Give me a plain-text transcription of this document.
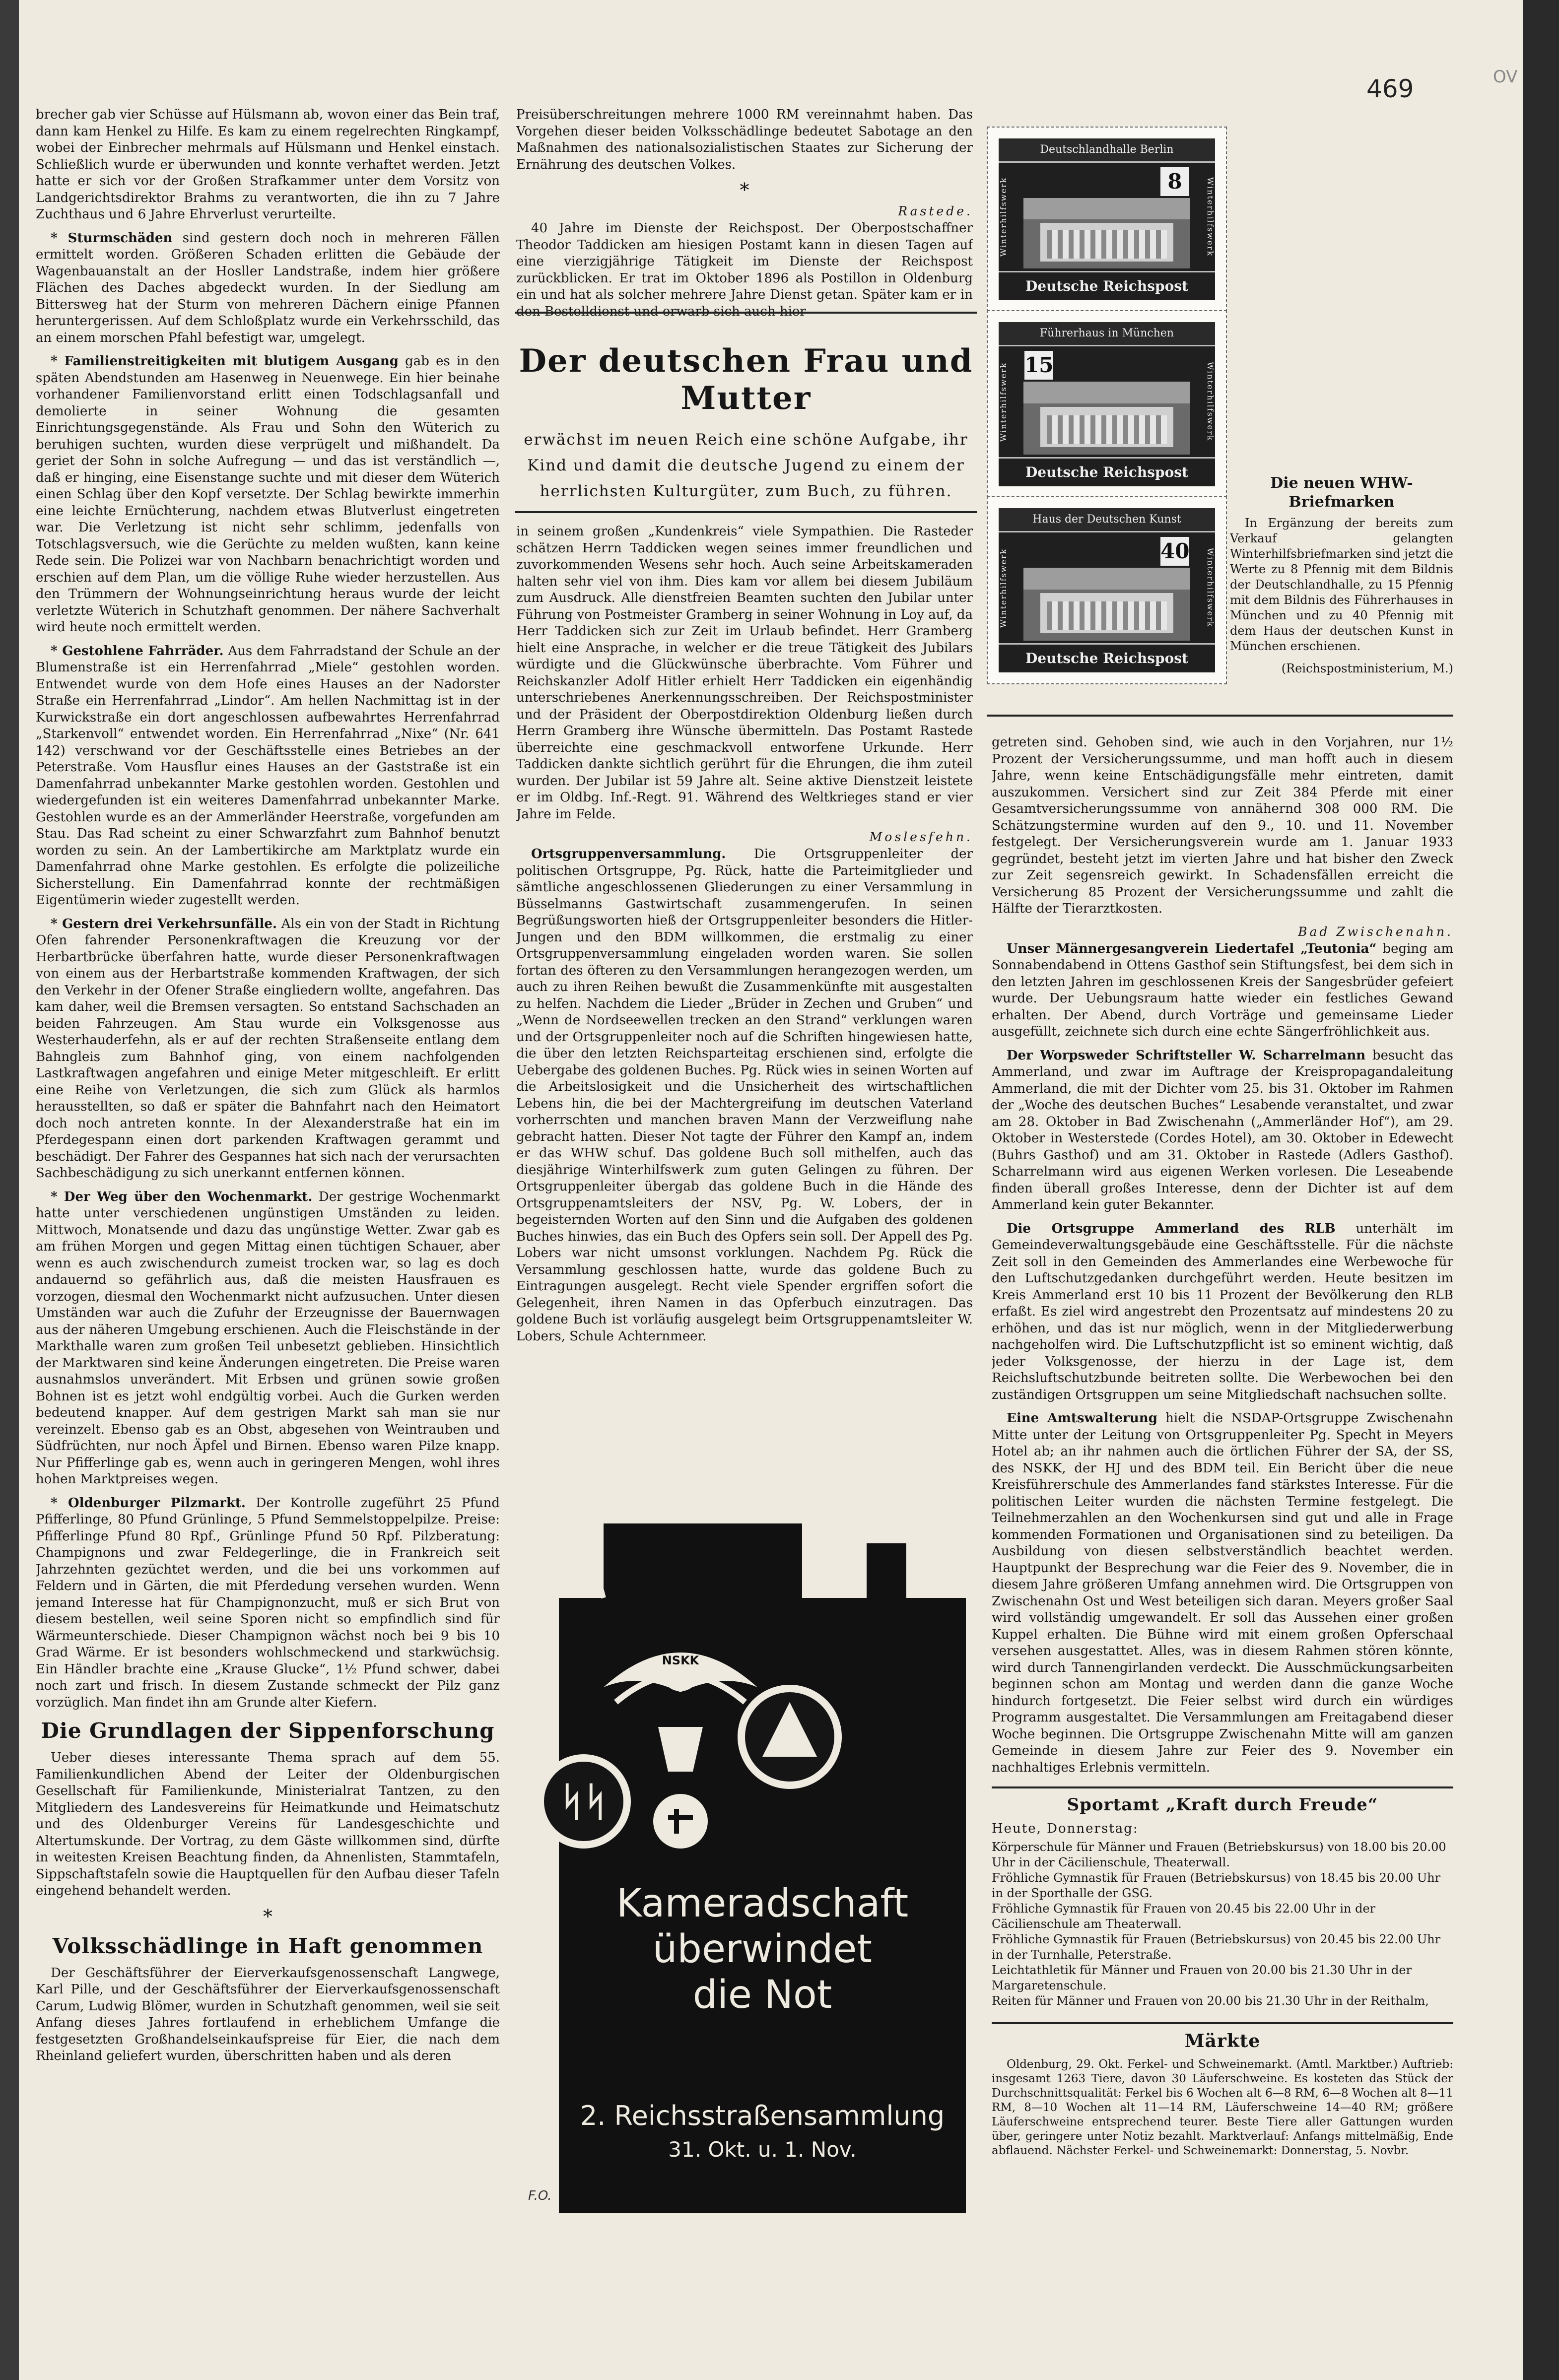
469	OV

brecher gab vier Schüsse auf Hülsmann ab, wovon einer das Bein traf, dann kam Henkel zu Hilfe. Es kam zu einem regelrechten Ringkampf, wobei der Einbrecher mehrmals auf Hülsmann und Henkel einstach. Schließlich wurde er überwunden und konnte verhaftet werden. Jetzt hatte er sich vor der Großen Strafkammer unter dem Vorsitz von Landgerichtsdirektor Brahms zu verantworten, die ihn zu 7 Jahre Zuchthaus und 6 Jahre Ehrverlust verurteilte.

* Sturmschäden sind gestern doch noch in mehreren Fällen ermittelt worden. Größeren Schaden erlitten die Gebäude der Wagenbauanstalt an der Hosller Landstraße, indem hier größere Flächen des Daches abgedeckt wurden. In der Siedlung am Bittersweg hat der Sturm von mehreren Dächern einige Pfannen heruntergerissen. Auf dem Schloßplatz wurde ein Verkehrsschild, das an einem morschen Pfahl befestigt war, umgelegt.

* Familienstreitigkeiten mit blutigem Ausgang gab es in den späten Abendstunden am Hasenweg in Neuenwege. Ein hier beinahe vorhandener Familienvorstand erlitt einen Todschlagsanfall und demolierte in seiner Wohnung die gesamten Einrichtungsgegenstände. Als Frau und Sohn den Wüterich zu beruhigen suchten, wurden diese verprügelt und mißhandelt. Da geriet der Sohn in solche Aufregung — und das ist verständlich —, daß er hinging, eine Eisenstange suchte und mit dieser dem Wüterich einen Schlag über den Kopf versetzte. Der Schlag bewirkte immerhin eine leichte Ernüchterung, nachdem etwas Blutverlust eingetreten war. Die Verletzung ist nicht sehr schlimm, jedenfalls von Totschlagsversuch, wie die Gerüchte zu melden wußten, kann keine Rede sein. Die Polizei war von Nachbarn benachrichtigt worden und erschien auf dem Plan, um die völlige Ruhe wieder herzustellen. Aus den Trümmern der Wohnungseinrichtung heraus wurde der leicht verletzte Wüterich in Schutzhaft genommen. Der nähere Sachverhalt wird heute noch ermittelt werden.

* Gestohlene Fahrräder. Aus dem Fahrradstand der Schule an der Blumenstraße ist ein Herrenfahrrad „Miele“ gestohlen worden. Entwendet wurde von dem Hofe eines Hauses an der Nadorster Straße ein Herrenfahrrad „Lindor“. Am hellen Nachmittag ist in der Kurwickstraße ein dort angeschlossen aufbewahrtes Herrenfahrrad „Starkenvoll“ entwendet worden. Ein Herrenfahrrad „Nixe“ (Nr. 641 142) verschwand vor der Geschäftsstelle eines Betriebes an der Peterstraße. Vom Hausflur eines Hauses an der Gaststraße ist ein Damenfahrrad unbekannter Marke gestohlen worden. Gestohlen und wiedergefunden ist ein weiteres Damenfahrrad unbekannter Marke. Gestohlen wurde es an der Ammerländer Heerstraße, vorgefunden am Stau. Das Rad scheint zu einer Schwarzfahrt zum Bahnhof benutzt worden zu sein. An der Lambertikirche am Marktplatz wurde ein Damenfahrrad ohne Marke gestohlen. Es erfolgte die polizeiliche Sicherstellung. Ein Damenfahrrad konnte der rechtmäßigen Eigentümerin wieder zugestellt werden.

* Gestern drei Verkehrsunfälle. Als ein von der Stadt in Richtung Ofen fahrender Personenkraftwagen die Kreuzung vor der Herbartbrücke überfahren hatte, wurde dieser Personenkraftwagen von einem aus der Herbartstraße kommenden Kraftwagen, der sich den Verkehr in der Ofener Straße eingliedern wollte, angefahren. Das kam daher, weil die Bremsen versagten. So entstand Sachschaden an beiden Fahrzeugen. Am Stau wurde ein Volksgenosse aus Westerhauderfehn, als er auf der rechten Straßenseite entlang dem Bahngleis zum Bahnhof ging, von einem nachfolgenden Lastkraftwagen angefahren und einige Meter mitgeschleift. Er erlitt eine Reihe von Verletzungen, die sich zum Glück als harmlos herausstellten, so daß er später die Bahnfahrt nach den Heimatort doch noch antreten konnte. In der Alexanderstraße hat ein im Pferdegespann einen dort parkenden Kraftwagen gerammt und beschädigt. Der Fahrer des Gespannes hat sich nach der verursachten Sachbeschädigung zu sich unerkannt entfernen können.

* Der Weg über den Wochenmarkt. Der gestrige Wochenmarkt hatte unter verschiedenen ungünstigen Umständen zu leiden. Mittwoch, Monatsende und dazu das ungünstige Wetter. Zwar gab es am frühen Morgen und gegen Mittag einen tüchtigen Schauer, aber wenn es auch zwischendurch zumeist trocken war, so lag es doch andauernd so gefährlich aus, daß die meisten Hausfrauen es vorzogen, diesmal den Wochenmarkt nicht aufzusuchen. Unter diesen Umständen war auch die Zufuhr der Erzeugnisse der Bauernwagen aus der näheren Umgebung erschienen. Auch die Fleischstände in der Markthalle waren zum großen Teil unbesetzt geblieben. Hinsichtlich der Marktwaren sind keine Änderungen eingetreten. Die Preise waren ausnahmslos unverändert. Mit Erbsen und grünen sowie großen Bohnen ist es jetzt wohl endgültig vorbei. Auch die Gurken werden bedeutend knapper. Auf dem gestrigen Markt sah man sie nur vereinzelt. Ebenso gab es an Obst, abgesehen von Weintrauben und Südfrüchten, nur noch Äpfel und Birnen. Ebenso waren Pilze knapp. Nur Pfifferlinge gab es, wenn auch in geringeren Mengen, wohl ihres hohen Marktpreises wegen.

* Oldenburger Pilzmarkt. Der Kontrolle zugeführt 25 Pfund Pfifferlinge, 80 Pfund Grünlinge, 5 Pfund Semmelstoppelpilze. Preise: Pfifferlinge Pfund 80 Rpf., Grünlinge Pfund 50 Rpf. Pilzberatung: Champignons und zwar Feldegerlinge, die in Frankreich seit Jahrzehnten gezüchtet werden, und die bei uns vorkommen auf Feldern und in Gärten, die mit Pferdedung versehen wurden. Wenn jemand Interesse hat für Champignonzucht, muß er sich Brut von diesem bestellen, weil seine Sporen nicht so empfindlich sind für Wärmeunterschiede. Dieser Champignon wächst noch bei 9 bis 10 Grad Wärme. Er ist besonders wohlschmeckend und starkwüchsig. Ein Händler brachte eine „Krause Glucke“, 1½ Pfund schwer, dabei noch zart und frisch. In diesem Zustande schmeckt der Pilz ganz vorzüglich. Man findet ihn am Grunde alter Kiefern.

Die Grundlagen der Sippenforschung

Ueber dieses interessante Thema sprach auf dem 55. Familienkundlichen Abend der Leiter der Oldenburgischen Gesellschaft für Familienkunde, Ministerialrat Tantzen, zu den Mitgliedern des Landesvereins für Heimatkunde und Heimatschutz und des Oldenburger Vereins für Landesgeschichte und Altertumskunde. Der Vortrag, zu dem Gäste willkommen sind, dürfte in weitesten Kreisen Beachtung finden, da Ahnenlisten, Stammtafeln, Sippschaftstafeln sowie die Hauptquellen für den Aufbau dieser Tafeln eingehend behandelt werden.

*
Volksschädlinge in Haft genommen

Der Geschäftsführer der Eierverkaufsgenossenschaft Langwege, Karl Pille, und der Geschäftsführer der Eierverkaufsgenossenschaft Carum, Ludwig Blömer, wurden in Schutzhaft genommen, weil sie seit Anfang dieses Jahres fortlaufend in erheblichem Umfange die festgesetzten Großhandelseinkaufspreise für Eier, die nach dem Rheinland geliefert wurden, überschritten haben und als deren

Preisüberschreitungen mehrere 1000 RM vereinnahmt haben. Das Vorgehen dieser beiden Volksschädlinge bedeutet Sabotage an den Maßnahmen des nationalsozialistischen Staates zur Sicherung der Ernährung des deutschen Volkes.

*
Rastede.

40 Jahre im Dienste der Reichspost. Der Oberpostschaffner Theodor Taddicken am hiesigen Postamt kann in diesen Tagen auf eine vierzigjährige Tätigkeit im Dienste der Reichspost zurückblicken. Er trat im Oktober 1896 als Postillon in Oldenburg ein und hat als solcher mehrere Jahre Dienst getan. Später kam er in den Bestelldienst und erwarb sich auch hier

Der deutschen Frau und Mutter

erwächst im neuen Reich eine schöne Aufgabe, ihr

Kind und damit die deutsche Jugend zu einem der

herrlichsten Kulturgüter, zum Buch, zu führen.

in seinem großen „Kundenkreis“ viele Sympathien. Die Rasteder schätzen Herrn Taddicken wegen seines immer freundlichen und zuvorkommenden Wesens sehr hoch. Auch seine Arbeitskameraden halten sehr viel von ihm. Dies kam vor allem bei diesem Jubiläum zum Ausdruck. Alle dienstfreien Beamten suchten den Jubilar unter Führung von Postmeister Gramberg in seiner Wohnung in Loy auf, da Herr Taddicken sich zur Zeit im Urlaub befindet. Herr Gramberg hielt eine Ansprache, in welcher er die treue Tätigkeit des Jubilars würdigte und die Glückwünsche überbrachte. Vom Führer und Reichskanzler Adolf Hitler erhielt Herr Taddicken ein eigenhändig unterschriebenes Anerkennungsschreiben. Der Reichspostminister und der Präsident der Oberpostdirektion Oldenburg ließen durch Herrn Gramberg ihre Wünsche übermitteln. Das Postamt Rastede überreichte eine geschmackvoll entworfene Urkunde. Herr Taddicken dankte sichtlich gerührt für die Ehrungen, die ihm zuteil wurden. Der Jubilar ist 59 Jahre alt. Seine aktive Dienstzeit leistete er im Oldbg. Inf.-Regt. 91. Während des Weltkrieges stand er vier Jahre im Felde.

Moslesfehn.

Ortsgruppenversammlung. Die Ortsgruppenleiter der politischen Ortsgruppe, Pg. Rück, hatte die Parteimitglieder und sämtliche angeschlossenen Gliederungen zu einer Versammlung in Büsselmanns Gastwirtschaft zusammengerufen. In seinen Begrüßungsworten hieß der Ortsgruppenleiter besonders die Hitler-Jungen und den BDM willkommen, die erstmalig zu einer Ortsgruppenversammlung eingeladen worden waren. Sie sollen fortan des öfteren zu den Versammlungen herangezogen werden, um auch zu ihren Reihen bewußt die Zusammenkünfte mit ausgestalten zu helfen. Nachdem die Lieder „Brüder in Zechen und Gruben“ und „Wenn de Nordseewellen trecken an den Strand“ verklungen waren und der Ortsgruppenleiter noch auf die Schriften hingewiesen hatte, die über den letzten Reichsparteitag erschienen sind, erfolgte die Uebergabe des goldenen Buches. Pg. Rück wies in seinen Worten auf die Arbeitslosigkeit und die Unsicherheit des wirtschaftlichen Lebens hin, die bei der Machtergreifung im deutschen Vaterland vorherrschten und manchen braven Mann der Verzweiflung nahe gebracht hatten. Dieser Not tagte der Führer den Kampf an, indem er das WHW schuf. Das goldene Buch soll mithelfen, auch das diesjährige Winterhilfswerk zum guten Gelingen zu führen. Der Ortsgruppenleiter übergab das goldene Buch in die Hände des Ortsgruppenamtsleiters der NSV, Pg. W. Lobers, der in begeisternden Worten auf den Sinn und die Aufgaben des goldenen Buches hinwies, das ein Buch des Opfers sein soll. Der Appell des Pg. Lobers war nicht umsonst vorklungen. Nachdem Pg. Rück die Versammlung geschlossen hatte, wurde das goldene Buch zu Eintragungen ausgelegt. Recht viele Spender ergriffen sofort die Gelegenheit, ihren Namen in das Opferbuch einzutragen. Das goldene Buch ist vorläufig ausgelegt beim Ortsgruppenamtsleiter W. Lobers, Schule Achternmeer.

ᛋᛋ
NSKK
Kameradschaft
überwindet
die Not
2. Reichsstraßensammlung
31. Okt. u. 1. Nov.
F.O.
Deutschlandhalle Berlin
Winterhilfswerk	Winterhilfswerk
8
Deutsche Reichspost
Führerhaus in München
Winterhilfswerk	Winterhilfswerk
15
Deutsche Reichspost
Haus der Deutschen Kunst
Winterhilfswerk	Winterhilfswerk
40
Deutsche Reichspost
Die neuen WHW-Briefmarken

In Ergänzung der bereits zum Verkauf gelangten Winterhilfsbriefmarken sind jetzt die Werte zu 8 Pfennig mit dem Bildnis der Deutschlandhalle, zu 15 Pfennig mit dem Bildnis des Führerhauses in München und zu 40 Pfennig mit dem Haus der deutschen Kunst in München erschienen.

(Reichspostministerium, M.)

getreten sind. Gehoben sind, wie auch in den Vorjahren, nur 1½ Prozent der Versicherungssumme, und man hofft auch in diesem Jahre, wenn keine Entschädigungsfälle mehr eintreten, damit auszukommen. Versichert sind zur Zeit 384 Pferde mit einer Gesamtversicherungssumme von annähernd 308 000 RM. Die Schätzungstermine wurden auf den 9., 10. und 11. November festgelegt. Der Versicherungsverein wurde am 1. Januar 1933 gegründet, besteht jetzt im vierten Jahre und hat bisher den Zweck zur Zeit segensreich gewirkt. In Schadensfällen erreicht die Versicherung 85 Prozent der Versicherungssumme und zahlt die Hälfte der Tierarztkosten.

Bad Zwischenahn.

Unser Männergesangverein Liedertafel „Teutonia“ beging am Sonnabendabend in Ottens Gasthof sein Stiftungsfest, bei dem sich in den letzten Jahren im geschlossenen Kreis der Sangesbrüder gefeiert wurde. Der Uebungsraum hatte wieder ein festliches Gewand erhalten. Der Abend, durch Vorträge und gemeinsame Lieder ausgefüllt, zeichnete sich durch eine echte Sängerfröhlichkeit aus.

Der Worpsweder Schriftsteller W. Scharrelmann besucht das Ammerland, und zwar im Auftrage der Kreispropagandaleitung Ammerland, die mit der Dichter vom 25. bis 31. Oktober im Rahmen der „Woche des deutschen Buches“ Lesabende veranstaltet, und zwar am 28. Oktober in Bad Zwischenahn („Ammerländer Hof“), am 29. Oktober in Westerstede (Cordes Hotel), am 30. Oktober in Edewecht (Buhrs Gasthof) und am 31. Oktober in Rastede (Adlers Gasthof). Scharrelmann wird aus eigenen Werken vorlesen. Die Leseabende finden überall großes Interesse, denn der Dichter ist auf dem Ammerland kein guter Bekannter.

Die Ortsgruppe Ammerland des RLB unterhält im Gemeindeverwaltungsgebäude eine Geschäftsstelle. Für die nächste Zeit soll in den Gemeinden des Ammerlandes eine Werbewoche für den Luftschutzgedanken durchgeführt werden. Heute besitzen im Kreis Ammerland erst 10 bis 11 Prozent der Bevölkerung den RLB erfaßt. Es ziel wird angestrebt den Prozentsatz auf mindestens 20 zu erhöhen, und das ist nur möglich, wenn in der Mitgliederwerbung nachgeholfen wird. Die Luftschutzpflicht ist so eminent wichtig, daß jeder Volksgenosse, der hierzu in der Lage ist, dem Reichsluftschutzbunde beitreten sollte. Die Werbewochen bei den zuständigen Ortsgruppen um seine Mitgliedschaft nachsuchen sollte.

Eine Amtswalterung hielt die NSDAP-Ortsgruppe Zwischenahn Mitte unter der Leitung von Ortsgruppenleiter Pg. Specht in Meyers Hotel ab; an ihr nahmen auch die örtlichen Führer der SA, der SS, des NSKK, der HJ und des BDM teil. Ein Bericht über die neue Kreisführerschule des Ammerlandes fand stärkstes Interesse. Für die politischen Leiter wurden die nächsten Termine festgelegt. Die Teilnehmerzahlen an den Wochenkursen sind gut und alle in Frage kommenden Formationen und Organisationen sind zu beteiligen. Da Ausbildung von diesen selbstverständlich beachtet werden. Hauptpunkt der Besprechung war die Feier des 9. November, die in diesem Jahre größeren Umfang annehmen wird. Die Ortsgruppen von Zwischenahn Ost und West beteiligen sich daran. Meyers großer Saal wird vollständig umgewandelt. Er soll das Aussehen einer großen Kuppel erhalten. Die Bühne wird mit einem großen Opferschaal versehen ausgestattet. Alles, was in diesem Rahmen stören könnte, wird durch Tannengirlanden verdeckt. Die Ausschmückungsarbeiten beginnen schon am Montag und werden dann die ganze Woche hindurch fortgesetzt. Die Feier selbst wird durch ein würdiges Programm ausgestaltet. Die Versammlungen am Freitagabend dieser Woche beginnen. Die Ortsgruppe Zwischenahn Mitte will am ganzen Gemeinde in diesem Jahre zur Feier des 9. November ein nachhaltiges Erlebnis vermitteln.

Sportamt „Kraft durch Freude“

Heute, Donnerstag:

Körperschule für Männer und Frauen (Betriebskursus) von 18.00 bis 20.00 Uhr in der Cäcilienschule, Theaterwall.
Fröhliche Gymnastik für Frauen (Betriebskursus) von 18.45 bis 20.00 Uhr in der Sporthalle der GSG.
Fröhliche Gymnastik für Frauen von 20.45 bis 22.00 Uhr in der Cäcilienschule am Theaterwall.
Fröhliche Gymnastik für Frauen (Betriebskursus) von 20.45 bis 22.00 Uhr in der Turnhalle, Peterstraße.
Leichtathletik für Männer und Frauen von 20.00 bis 21.30 Uhr in der Margaretenschule.
Reiten für Männer und Frauen von 20.00 bis 21.30 Uhr in der Reithalm,
Märkte

Oldenburg, 29. Okt. Ferkel- und Schweinemarkt. (Amtl. Marktber.) Auftrieb: insgesamt 1263 Tiere, davon 30 Läuferschweine. Es kosteten das Stück der Durchschnittsqualität: Ferkel bis 6 Wochen alt 6—8 RM, 6—8 Wochen alt 8—11 RM, 8—10 Wochen alt 11—14 RM, Läuferschweine 14—40 RM; größere Läuferschweine entsprechend teurer. Beste Tiere aller Gattungen wurden über, geringere unter Notiz bezahlt. Marktverlauf: Anfangs mittelmäßig, Ende abflauend. Nächster Ferkel- und Schweinemarkt: Donnerstag, 5. Novbr.
